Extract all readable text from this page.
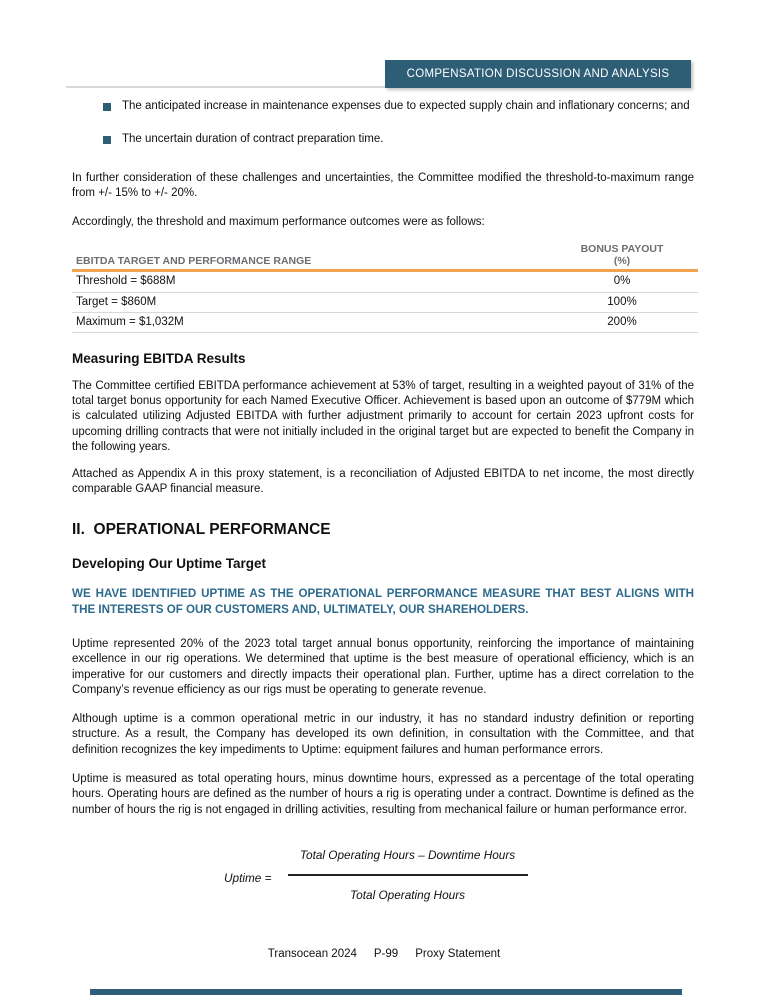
COMPENSATION DISCUSSION AND ANALYSIS
The anticipated increase in maintenance expenses due to expected supply chain and inflationary concerns; and
The uncertain duration of contract preparation time.

In further consideration of these challenges and uncertainties, the Committee modified the threshold-to-maximum range from +/- 15% to +/- 20%.

Accordingly, the threshold and maximum performance outcomes were as follows:

EBITDA TARGET AND PERFORMANCE RANGE	BONUS PAYOUT
(%)
Threshold = $688M	0%
Target = $860M	100%
Maximum = $1,032M	200%
Measuring EBITDA Results

The Committee certified EBITDA performance achievement at 53% of target, resulting in a weighted payout of 31% of the total target bonus opportunity for each Named Executive Officer. Achievement is based upon an outcome of $779M which is calculated utilizing Adjusted EBITDA with further adjustment primarily to account for certain 2023 upfront costs for upcoming drilling contracts that were not initially included in the original target but are expected to benefit the Company in the following years.

Attached as Appendix A in this proxy statement, is a reconciliation of Adjusted EBITDA to net income, the most directly comparable GAAP financial measure.

II.  OPERATIONAL PERFORMANCE
Developing Our Uptime Target

WE HAVE IDENTIFIED UPTIME AS THE OPERATIONAL PERFORMANCE MEASURE THAT BEST ALIGNS WITH THE INTERESTS OF OUR CUSTOMERS AND, ULTIMATELY, OUR SHAREHOLDERS.

Uptime represented 20% of the 2023 total target annual bonus opportunity, reinforcing the importance of maintaining excellence in our rig operations. We determined that uptime is the best measure of operational efficiency, which is an imperative for our customers and directly impacts their operational plan. Further, uptime has a direct correlation to the Company’s revenue efficiency as our rigs must be operating to generate revenue.

Although uptime is a common operational metric in our industry, it has no standard industry definition or reporting structure. As a result, the Company has developed its own definition, in consultation with the Committee, and that definition recognizes the key impediments to Uptime: equipment failures and human performance errors.

Uptime is measured as total operating hours, minus downtime hours, expressed as a percentage of the total operating hours. Operating hours are defined as the number of hours a rig is operating under a contract. Downtime is defined as the number of hours the rig is not engaged in drilling activities, resulting from mechanical failure or human performance error.

Uptime = $\frac{\text{Total Operating Hours – Downtime Hours}}{\text{Total Operating Hours}}$
Transocean 2024 P-99 Proxy Statement
